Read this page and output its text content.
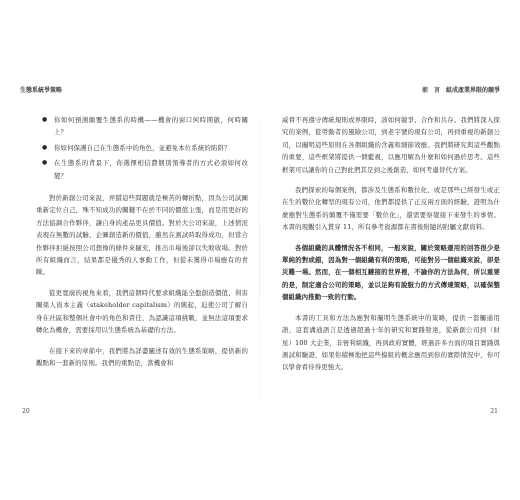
生態系統爭策略
● 你如何預測顛覆生態系的時機——機會的窗口何時開啟，何時關上？
● 你如何保護自己在生態系中的角色，並避免本位系統的陷阱？
● 在生態系的背景下，你選擇相信費個別領導者的方式必須如何改變？

對於新創公司來說，弄錯這些問題就是極苦的轉折點，因為公司試圖重新定位自己，殊不知成功的關鍵不在於不同的價值主張，而是用更好的方法協調合作夥伴，讓自身的產品更具價值。對於大公司來說，上述情況表現在無數的試驗、企圖創造新的價值，雖然在測試時取得成功，但當合作夥伴拒絕按照公司想像的條件來擴充，推出市場後卻以失敗收場。對於所有組織而言，結果都是優秀的人事動工作，但從未獲得市場應有的青睞。

從更寬廣的視角來看，我們這個時代要求組織能全盤創造價值、利害關係人資本主義（stakeholder capitalism）的興起，迫使公司了解自身在社區和整個社會中的角色和責任，為認識這項挑戰，並無法這項要求轉化為機會，需要採用以生態系統為基礎的方法。

在接下來的章節中，我們將為詳盡闡述有效的生態系策略，提供新的觀點和一套新的原則。我們的重點是，當機會和

20
前　言 組成產業界限的競爭

威脅不再遵守傳統規則或界限時，該如何競爭、合作和共存。我們將深入探究的案例，從勞動者的風險公司，到老字號的現有公司，再到重視的新創公司，以闡明這些原則在各個組織的含義和細節效應。我們將研究與這些觀點的重要，這些框架將提供一個藍視，以應用解為什麼和如何過於思考。這些框架可以讓你的自己對此們其是到之後創造，如何考慮替代方案。

我們探索的每個案例，都涉及生態系和數位化、或是那些已經發生或正在生的數位化轉型的現有公司，他們都提供了正反兩方面的經驗，證明為什麼應對生態系的顛覆不僅需要「數位化」，還需要察覺接下來發生的事情。本書的現觀引入貫穿 11、所有參考資源都在書後附隨的附屬文獻資料。

各個組織的具體情況各不相同，一般來說，關於策略運用的回答很少是單純的對或錯，因為對一個組織有利的策略，可能對另一個組織來說，卻是災難一場。然而，在一個相互鏈接的世界裡，不論你的方法為何，所以重要的是，制定適合公司的策略，並以足夠有說服力的方式傳達策略，以確保整個組織內推動一致的行動。

本書的工具和方法為應對和闡明生態系統中的策略，提供一套觸通用語，這套溝通語言是透過超過十年的研究和實踐發達，從新創公司到（財星）100 大企業，非營利組織，再到政府實體，經過許多方面的項目實踐與測試和驗證，如果你積極地把這些模組的概念應用到你的實際情況中，你可以學會看待得更強大。

21
